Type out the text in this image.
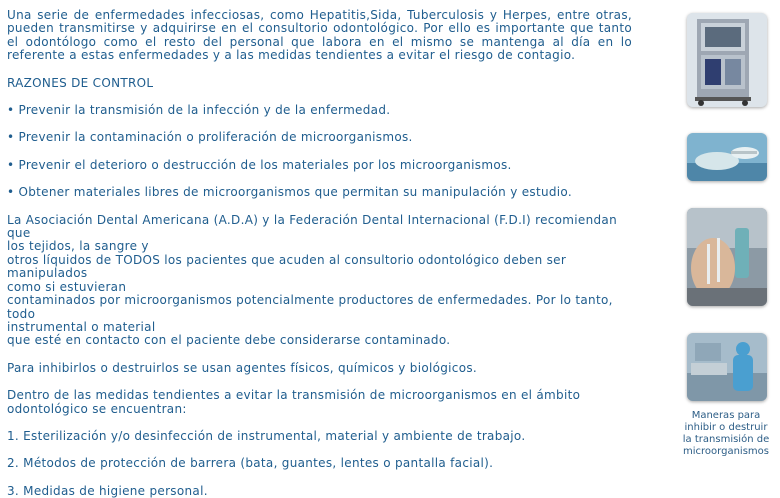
Una serie de enfermedades infecciosas, como Hepatitis,Sida, Tuberculosis y Herpes, entre otras, pueden transmitirse y adquirirse en el consultorio odontológico. Por ello es importante que tanto el odontólogo como el resto del personal que labora en el mismo se mantenga al día en lo referente a estas enfermedades y a las medidas tendientes a evitar el riesgo de contagio.

RAZONES DE CONTROL

• Prevenir la transmisión de la infección y de la enfermedad.

• Prevenir la contaminación o proliferación de microorganismos.

• Prevenir el deterioro o destrucción de los materiales por los microorganismos.

• Obtener materiales libres de microorganismos que permitan su manipulación y estudio.

La Asociación Dental Americana (A.D.A) y la Federación Dental Internacional (F.D.I) recomiendan que

los tejidos, la sangre y

otros líquidos de TODOS los pacientes que acuden al consultorio odontológico deben ser manipulados

como si estuvieran

contaminados por microorganismos potencialmente productores de enfermedades. Por lo tanto, todo

instrumental o material

que esté en contacto con el paciente debe considerarse contaminado.

Para inhibirlos o destruirlos se usan agentes físicos, químicos y biológicos.

Dentro de las medidas tendientes a evitar la transmisión de microorganismos en el ámbito odontológico se encuentran:

1. Esterilización y/o desinfección de instrumental, material y ambiente de trabajo.

2. Métodos de protección de barrera (bata, guantes, lentes o pantalla facial).

3. Medidas de higiene personal.

Maneras para
inhibir o destruir
la transmisión de
microorganismos
